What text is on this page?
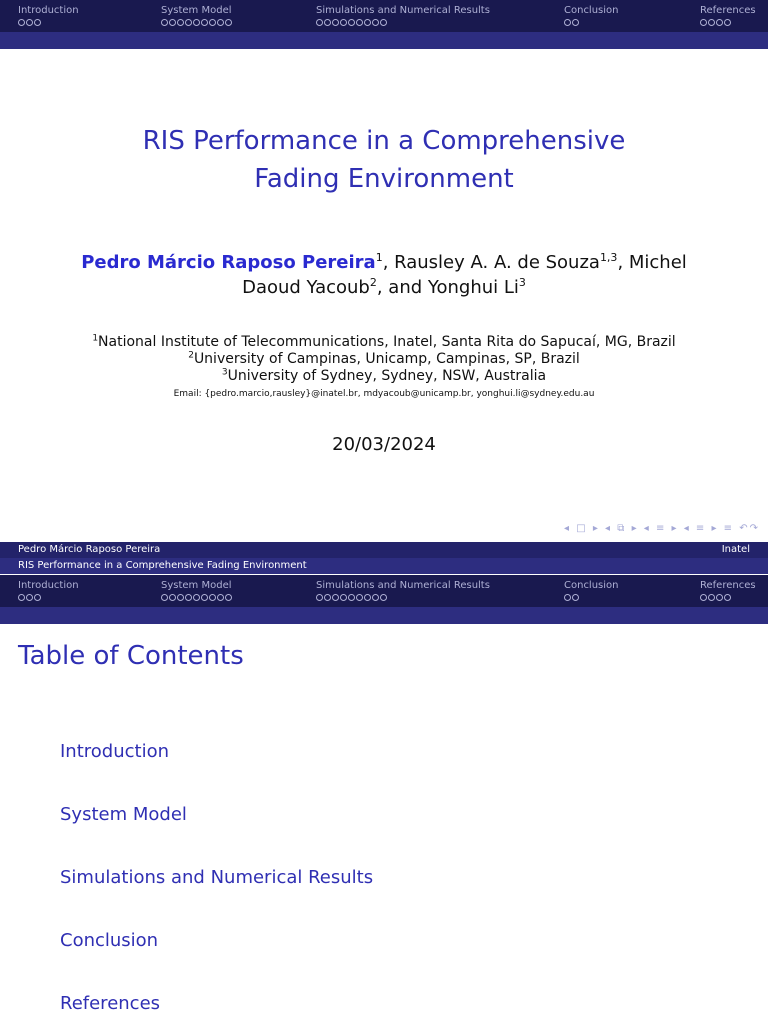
Introduction	System Model	Simulations and Numerical Results	Conclusion	References
RIS Performance in a Comprehensive
Fading Environment
Pedro Márcio Raposo Pereira$^1$, Rausley A. A. de Souza$^{1,3}$, Michel Daoud Yacoub$^2$, and Yonghui Li$^3$
$^1$National Institute of Telecommunications, Inatel, Santa Rita do Sapucaí, MG, Brazil
$^2$University of Campinas, Unicamp, Campinas, SP, Brazil
$^3$University of Sydney, Sydney, NSW, Australia
Email: {pedro.marcio,rausley}@inatel.br, mdyacoub@unicamp.br, yonghui.li@sydney.edu.au
20/03/2024
◂ □ ▸ ◂ ⧉ ▸ ◂ ≡ ▸ ◂ ≡ ▸ ≡ ↶↷
Pedro Márcio Raposo Pereira	Inatel
RIS Performance in a Comprehensive Fading Environment
Introduction	System Model	Simulations and Numerical Results	Conclusion	References
Table of Contents
Introduction
System Model
Simulations and Numerical Results
Conclusion
References
